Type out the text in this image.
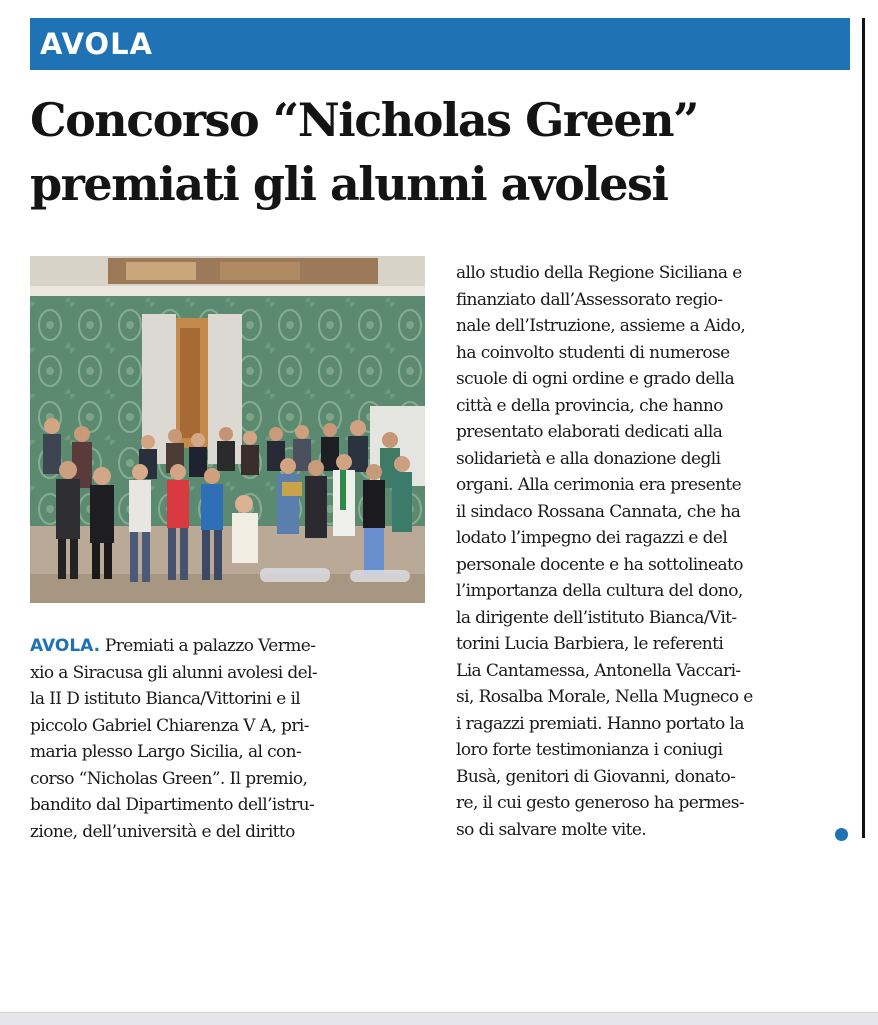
AVOLA
Concorso “Nicholas Green”
premiati gli alunni avolesi

AVOLA. Premiati a palazzo Verme-
xio a Siracusa gli alunni avolesi del-
la II D istituto Bianca/Vittorini e il
piccolo Gabriel Chiarenza V A, pri-
maria plesso Largo Sicilia, al con-
corso “Nicholas Green”. Il premio,
bandito dal Dipartimento dell’istru-
zione, dell’università e del diritto

allo studio della Regione Siciliana e
finanziato dall’Assessorato regio-
nale dell’Istruzione, assieme a Aido,
ha coinvolto studenti di numerose
scuole di ogni ordine e grado della
città e della provincia, che hanno
presentato elaborati dedicati alla
solidarietà e alla donazione degli
organi. Alla cerimonia era presente
il sindaco Rossana Cannata, che ha
lodato l’impegno dei ragazzi e del
personale docente e ha sottolineato
l’importanza della cultura del dono,
la dirigente dell’istituto Bianca/Vit-
torini Lucia Barbiera, le referenti
Lia Cantamessa, Antonella Vaccari-
si, Rosalba Morale, Nella Mugneco e
i ragazzi premiati. Hanno portato la
loro forte testimonianza i coniugi
Busà, genitori di Giovanni, donato-
re, il cui gesto generoso ha permes-
so di salvare molte vite.
